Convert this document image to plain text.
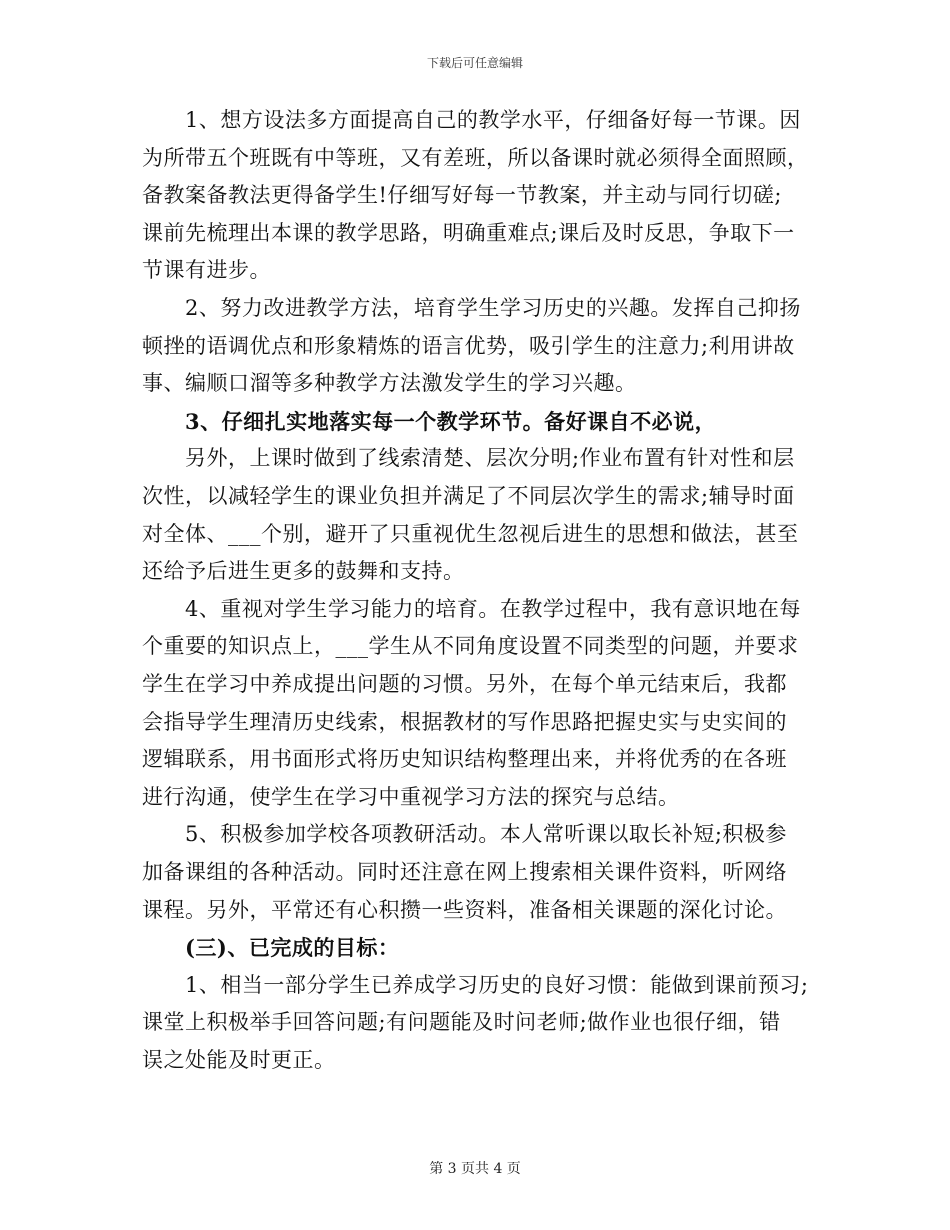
下载后可任意编辑
　　1、想方设法多方面提高自己的教学水平，仔细备好每一节课。因
为所带五个班既有中等班，又有差班，所以备课时就必须得全面照顾，
备教案备教法更得备学生!仔细写好每一节教案，并主动与同行切磋;
课前先梳理出本课的教学思路，明确重难点;课后及时反思，争取下一
节课有进步。
　　2、努力改进教学方法，培育学生学习历史的兴趣。发挥自己抑扬
顿挫的语调优点和形象精炼的语言优势，吸引学生的注意力;利用讲故
事、编顺口溜等多种教学方法激发学生的学习兴趣。
　　3、仔细扎实地落实每一个教学环节。备好课自不必说，
　　另外，上课时做到了线索清楚、层次分明;作业布置有针对性和层
次性，以减轻学生的课业负担并满足了不同层次学生的需求;辅导时面
对全体、___个别，避开了只重视优生忽视后进生的思想和做法，甚至
还给予后进生更多的鼓舞和支持。
　　4、重视对学生学习能力的培育。在教学过程中，我有意识地在每
个重要的知识点上，___学生从不同角度设置不同类型的问题，并要求
学生在学习中养成提出问题的习惯。另外，在每个单元结束后，我都
会指导学生理清历史线索，根据教材的写作思路把握史实与史实间的
逻辑联系，用书面形式将历史知识结构整理出来，并将优秀的在各班
进行沟通，使学生在学习中重视学习方法的探究与总结。
　　5、积极参加学校各项教研活动。本人常听课以取长补短;积极参
加备课组的各种活动。同时还注意在网上搜索相关课件资料，听网络
课程。另外，平常还有心积攒一些资料，准备相关课题的深化讨论。
　　(三)、已完成的目标：
　　1、相当一部分学生已养成学习历史的良好习惯：能做到课前预习;
课堂上积极举手回答问题;有问题能及时问老师;做作业也很仔细，错
误之处能及时更正。
第 3 页共 4 页
